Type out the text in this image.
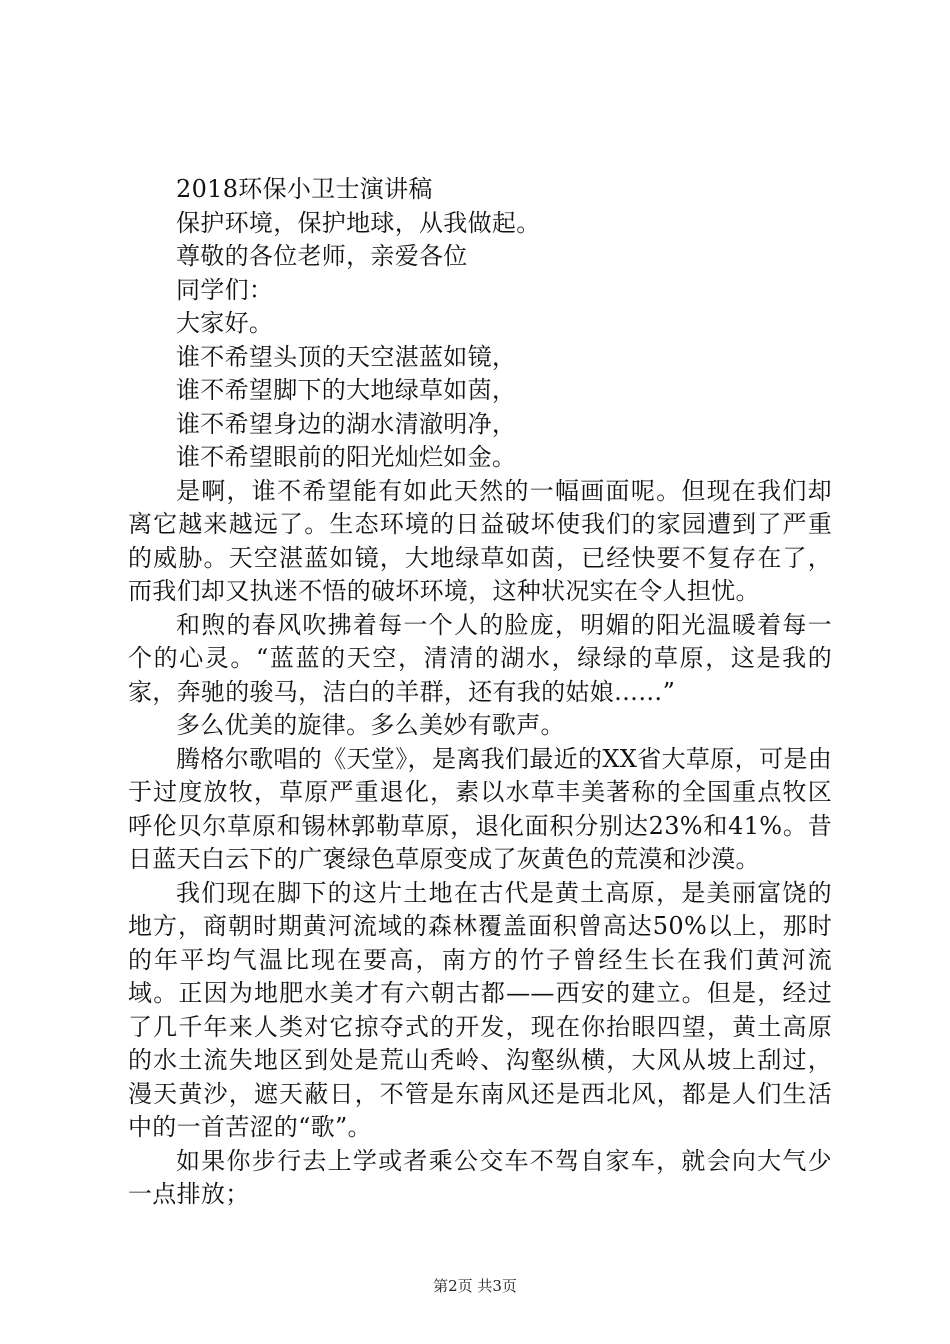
2018环保小卫士演讲稿

保护环境，保护地球，从我做起。

尊敬的各位老师，亲爱各位

同学们：

大家好。

谁不希望头顶的天空湛蓝如镜，

谁不希望脚下的大地绿草如茵，

谁不希望身边的湖水清澈明净，

谁不希望眼前的阳光灿烂如金。

是啊，谁不希望能有如此天然的一幅画面呢。但现在我们却离它越来越远了。生态环境的日益破坏使我们的家园遭到了严重的威胁。天空湛蓝如镜，大地绿草如茵，已经快要不复存在了，而我们却又执迷不悟的破坏环境，这种状况实在令人担忧。

和煦的春风吹拂着每一个人的脸庞，明媚的阳光温暖着每一个的心灵。“蓝蓝的天空，清清的湖水，绿绿的草原，这是我的家，奔驰的骏马，洁白的羊群，还有我的姑娘……”

多么优美的旋律。多么美妙有歌声。

腾格尔歌唱的《天堂》，是离我们最近的XX省大草原，可是由于过度放牧，草原严重退化，素以水草丰美著称的全国重点牧区呼伦贝尔草原和锡林郭勒草原，退化面积分别达23%和41%。昔日蓝天白云下的广褒绿色草原变成了灰黄色的荒漠和沙漠。

我们现在脚下的这片土地在古代是黄土高原，是美丽富饶的地方，商朝时期黄河流域的森林覆盖面积曾高达50%以上，那时的年平均气温比现在要高，南方的竹子曾经生长在我们黄河流域。正因为地肥水美才有六朝古都——西安的建立。但是，经过了几千年来人类对它掠夺式的开发，现在你抬眼四望，黄土高原的水土流失地区到处是荒山秃岭、沟壑纵横，大风从坡上刮过，漫天黄沙，遮天蔽日，不管是东南风还是西北风，都是人们生活中的一首苦涩的“歌”。

如果你步行去上学或者乘公交车不驾自家车，就会向大气少一点排放；

第2页 共3页
